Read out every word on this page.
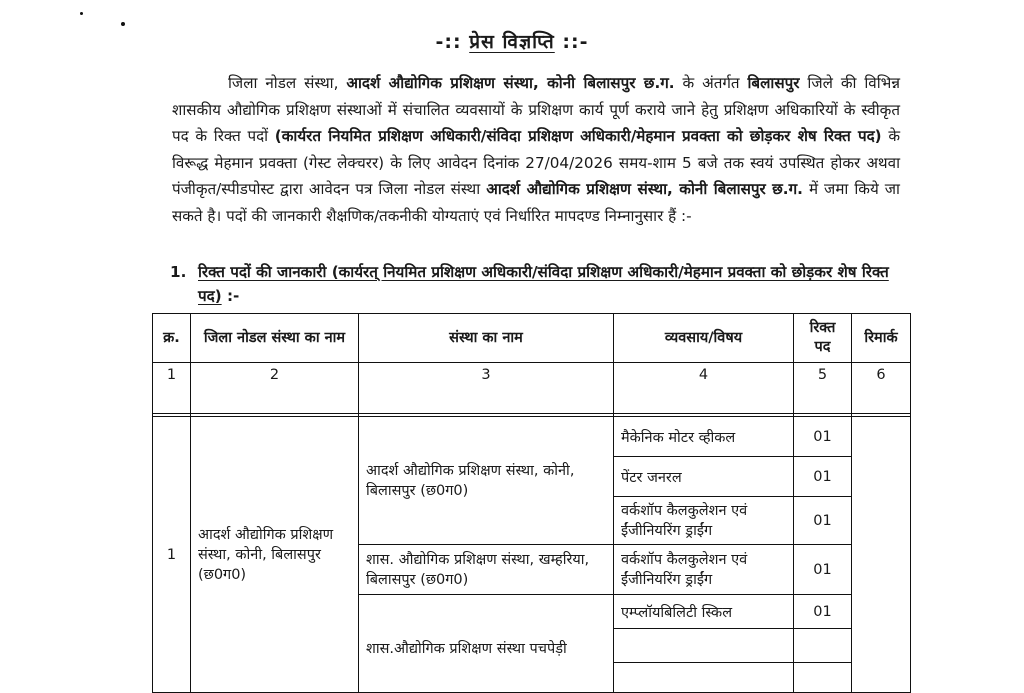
-:: प्रेस विज्ञप्ति ::-
जिला नोडल संस्था, आदर्श औद्योगिक प्रशिक्षण संस्था, कोनी बिलासपुर छ.ग. के अंतर्गत बिलासपुर जिले की विभिन्न शासकीय औद्योगिक प्रशिक्षण संस्थाओं में संचालित व्यवसायों के प्रशिक्षण कार्य पूर्ण कराये जाने हेतु प्रशिक्षण अधिकारियों के स्वीकृत पद के रिक्त पदों (कार्यरत नियमित प्रशिक्षण अधिकारी/संविदा प्रशिक्षण अधिकारी/मेहमान प्रवक्ता को छोड़कर शेष रिक्त पद) के विरूद्ध मेहमान प्रवक्ता (गेस्ट लेक्चरर) के लिए आवेदन दिनांक 27/04/2026 समय-शाम 5 बजे तक स्वयं उपस्थित होकर अथवा पंजीकृत/स्पीडपोस्ट द्वारा आवेदन पत्र जिला नोडल संस्था आदर्श औद्योगिक प्रशिक्षण संस्था, कोनी बिलासपुर छ.ग. में जमा किये जा सकते है। पदों की जानकारी शैक्षणिक/तकनीकी योग्यताएं एवं निर्धारित मापदण्ड निम्नानुसार हैं :-
1. रिक्त पदों की जानकारी (कार्यरत् नियमित प्रशिक्षण अधिकारी/संविदा प्रशिक्षण अधिकारी/मेहमान प्रवक्ता को छोड़कर शेष रिक्त पद) :-
क्र.	जिला नोडल संस्था का नाम	संस्था का नाम	व्यवसाय/विषय	रिक्त पद	रिमार्क
1	2	3	4	5	6

1	आदर्श औद्योगिक प्रशिक्षण संस्था, कोनी, बिलासपुर (छ0ग0)	आदर्श औद्योगिक प्रशिक्षण संस्था, कोनी, बिलासपुर (छ0ग0)	मैकेनिक मोटर व्हीकल	01	
			पेंटर जनरल	01	
			वर्कशॉप कैलकुलेशन एवं ईंजीनियरिंग ड्राईंग	01	
		शास. औद्योगिक प्रशिक्षण संस्था, खम्हरिया, बिलासपुर (छ0ग0)	वर्कशॉप कैलकुलेशन एवं ईंजीनियरिंग ड्राईंग	01	
		शास.औद्योगिक प्रशिक्षण संस्था पचपेड़ी	एम्प्लॉयबिलिटी स्किल	01	
